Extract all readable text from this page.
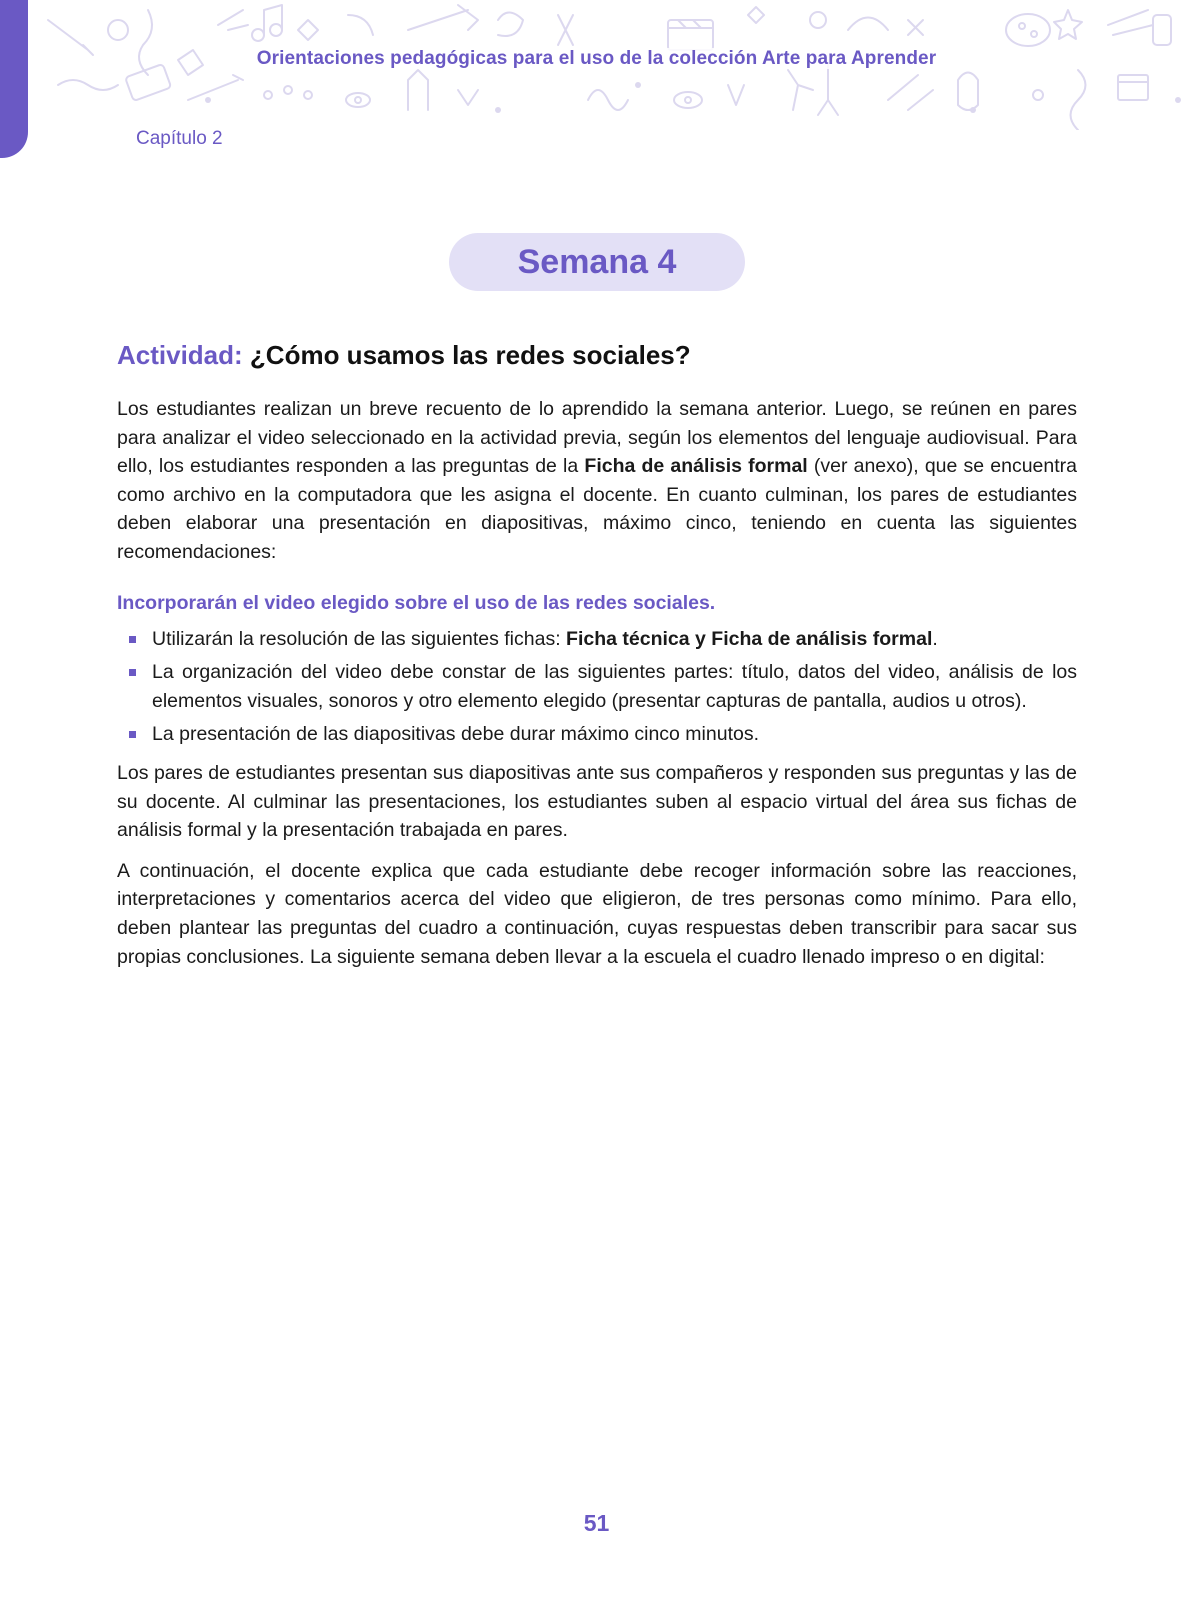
Orientaciones pedagógicas para el uso de la colección Arte para Aprender
Capítulo 2
Semana 4
Actividad: ¿Cómo usamos las redes sociales?

Los estudiantes realizan un breve recuento de lo aprendido la semana anterior. Luego, se reúnen en pares para analizar el video seleccionado en la actividad previa, según los elementos del lenguaje audiovisual. Para ello, los estudiantes responden a las preguntas de la Ficha de análisis formal (ver anexo), que se encuentra como archivo en la computadora que les asigna el docente. En cuanto culminan, los pares de estudiantes deben elaborar una presentación en diapositivas, máximo cinco, teniendo en cuenta las siguientes recomendaciones:

Incorporarán el video elegido sobre el uso de las redes sociales.
Utilizarán la resolución de las siguientes fichas: Ficha técnica y Ficha de análisis formal.
La organización del video debe constar de las siguientes partes: título, datos del video, análisis de los elementos visuales, sonoros y otro elemento elegido (presentar capturas de pantalla, audios u otros).
La presentación de las diapositivas debe durar máximo cinco minutos.

Los pares de estudiantes presentan sus diapositivas ante sus compañeros y responden sus preguntas y las de su docente. Al culminar las presentaciones, los estudiantes suben al espacio virtual del área sus fichas de análisis formal y la presentación trabajada en pares.

A continuación, el docente explica que cada estudiante debe recoger información sobre las reacciones, interpretaciones y comentarios acerca del video que eligieron, de tres personas como mínimo. Para ello, deben plantear las preguntas del cuadro a continuación, cuyas respuestas deben transcribir para sacar sus propias conclusiones. La siguiente semana deben llevar a la escuela el cuadro llenado impreso o en digital:

51
